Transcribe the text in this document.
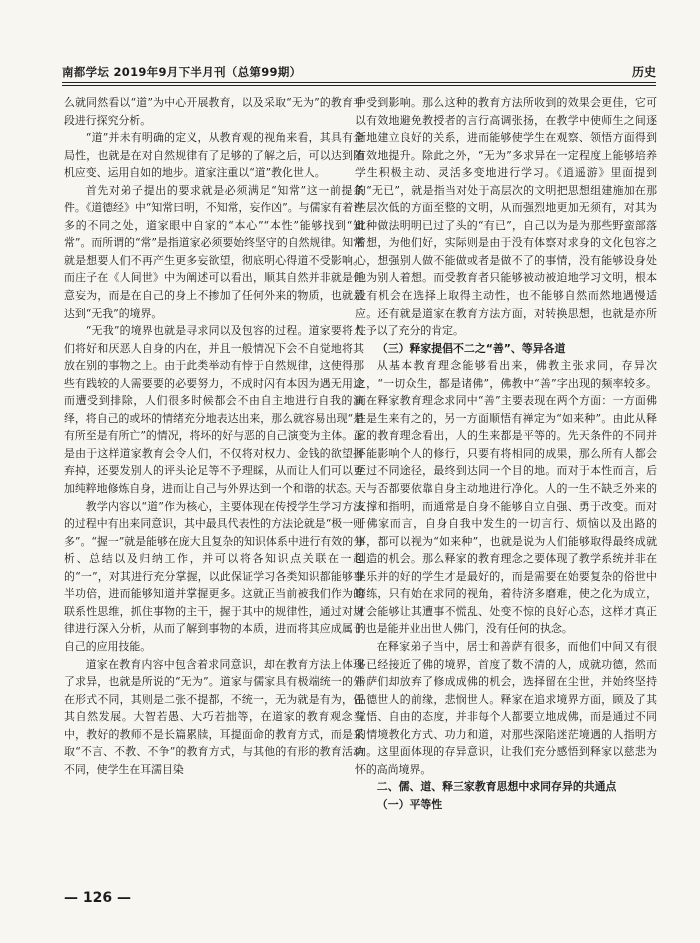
南都学坛 2019年9月下半月刊（总第99期）	历史

么就同然看以“道”为中心开展教育，以及采取“无为”的教育手段进行探究分析。

“道”并未有明确的定义，从教育观的视角来看，其具有全局性，也就是在对自然规律有了足够的了解之后，可以达到随机应变、运用自如的地步。道家注重以“道”教化世人。

首先对弟子提出的要求就是必须满足“知常”这一前提条件。《道德经》中“知常曰明，不知常，妄作凶”。与儒家有着许多的不同之处，道家眼中自家的“本心”“本性”能够找到“知常”。而所谓的“常”是指道家必须要始终坚守的自然规律。知常就是想要人们不再产生更多妄欲望，彻底明心得道不受影响。而庄子在《人间世》中为阐述可以看出，顺其自然并非就是任意妄为，而是在自己的身上不掺加了任何外来的物质，也就是达到“无我”的境界。

“无我”的境界也就是寻求同以及包容的过程。道家要将人们将好和厌恶人自身的内在，并且一般情况下会不自觉地将其放在别的事物之上。由于此类举动有悖于自然规律，这使得那些有践较的人需要要的必要努力，不成时闪有本因为遇无用途而遭受到排除，人们很多时候都会不由自主地进行自我的演绎，将自己的或坏的情绪充分地表达出来，那么就容易出现“是有所至是有所亡”的情况，将坏的好与恶的自己演变为主体。正是由于这样道家教育会令人们，不仅将对权力、金钱的欲望摒弃掉，还要发别人的评头论足等不予理睬，从而让人们可以更加纯粹地修炼自身，进而让自己与外界达到一个和谐的状态。

教学内容以“道”作为核心，主要体现在传授学生学习方法的过程中有出来同意识，其中最具代表性的方法论就是“极一则多”。“握一”就是能够在庞大且复杂的知识体系中进行有效的分析、总结以及归纳工作，并可以将各知识点关联在一起的“一”，对其进行充分掌握，以此保证学习各类知识都能够事半功倍，进而能够知道并掌握更多。这就正当前被我们作为的联系性思维，抓住事物的主干，握于其中的规律性，通过对规律进行深入分析，从而了解到事物的本质，进而将其应成属于自己的应用技能。

道家在教育内容中包含着求同意识，却在教育方法上体现了求异，也就是所说的“无为”。道家与儒家具有极端统一的外在形式不同，其则是二张不提都，不统一，无为就是有为，任其自然发展。大智若愚、大巧若拙等，在道家的教育观念当中，教好的教师不是长篇累牍，耳提面命的教育方式，而是采取“不言、不教、不争”的教育方式，与其他的有形的教育活动不同，使学生在耳濡目染

中受到影响。那么这种的教育方法所收到的效果会更佳，它可以有效地避免教授者的言行高调张扬，在教学中使师生之间逐渐地建立良好的关系，进而能够使学生在观察、领悟方面得到有效地提升。除此之外，“无为”多求异在一定程度上能够培养学生积极主动、灵活多变地进行学习。《逍遥游》里面提到的“无已”，就是指当对处于高层次的文明把思想组建施加在那些层次低的方面至整的文明，从而强烈地更加无须有，对其为此种做法明明已过了头的“有已”，自己以为是为那些野蛮部落着想，为他们好，实际则是由于没有体察对求身的文化包容之心，想强别人做不能做或者是做不了的事情，没有能够设身处地为别人着想。而受教育者只能够被动被迫地学习文明，根本没有机会在选择上取得主动性，也不能够自然而然地遇慢适应。还有就是道家在教育方法方面，对转换思想，也就是亦所性予以了充分的肯定。

（三）释家提倡不二之“善”、等异各道

从基本教育理念能够看出来，佛教主张求同，存异次之，“一切众生，都是诸佛”，佛教中“善”字出现的频率较多。而在释家教育理念求同中“善”主要表现在两个方面：一方面佛性是生来有之的，另一方面顺悟有禅定为“如来种”。由此从释家的教育理念看出，人的生来都是平等的。先天条件的不同并不能影响个人的修行，只要有将相同的成果，那么所有人都会至过不同途径，最终到达同一个目的地。而对于本性而言，后天与否都要依靠自身主动地进行净化。人的一生不缺乏外来的支撑和指明，而通常是自身不能够自立自强、勇于改变。而对于佛家而言，自身自我中发生的一切言行、烦恼以及出路的事，都可以视为“如来种”，也就是说为人们能够取得最终成就创造的机会。那么释家的教育理念之要体现了教学系统并非在坐乐并的好的学生才是最好的，而是需要在始要复杂的俗世中磨练，只有始在求同的视角，着待济多磨难，使之化为成立，才会能够让其遭事不慌乱、处变不惊的良好心态，这样才真正的也是能并业出世人佛门，没有任何的执念。

在释家弟子当中，居士和善萨有很多，而他们中间又有很多已经接近了佛的境界，首度了数不清的人，成就功德，然而善萨们却放弃了修成成佛的机会，选择留在尘世，并始终坚持品德世人的前缘，悲悯世人。释家在追求境界方面，顾及了其觉悟、自由的态度，并非每个人都要立地成佛，而是通过不同的情境教化方式、功力和道，对那些深陷迷茫境遇的人指明方向。这里面体现的存异意识，让我们充分感悟到释家以慈悲为怀的高尚境界。

二、儒、道、释三家教育思想中求同存异的共通点
（一）平等性
— 126 —
